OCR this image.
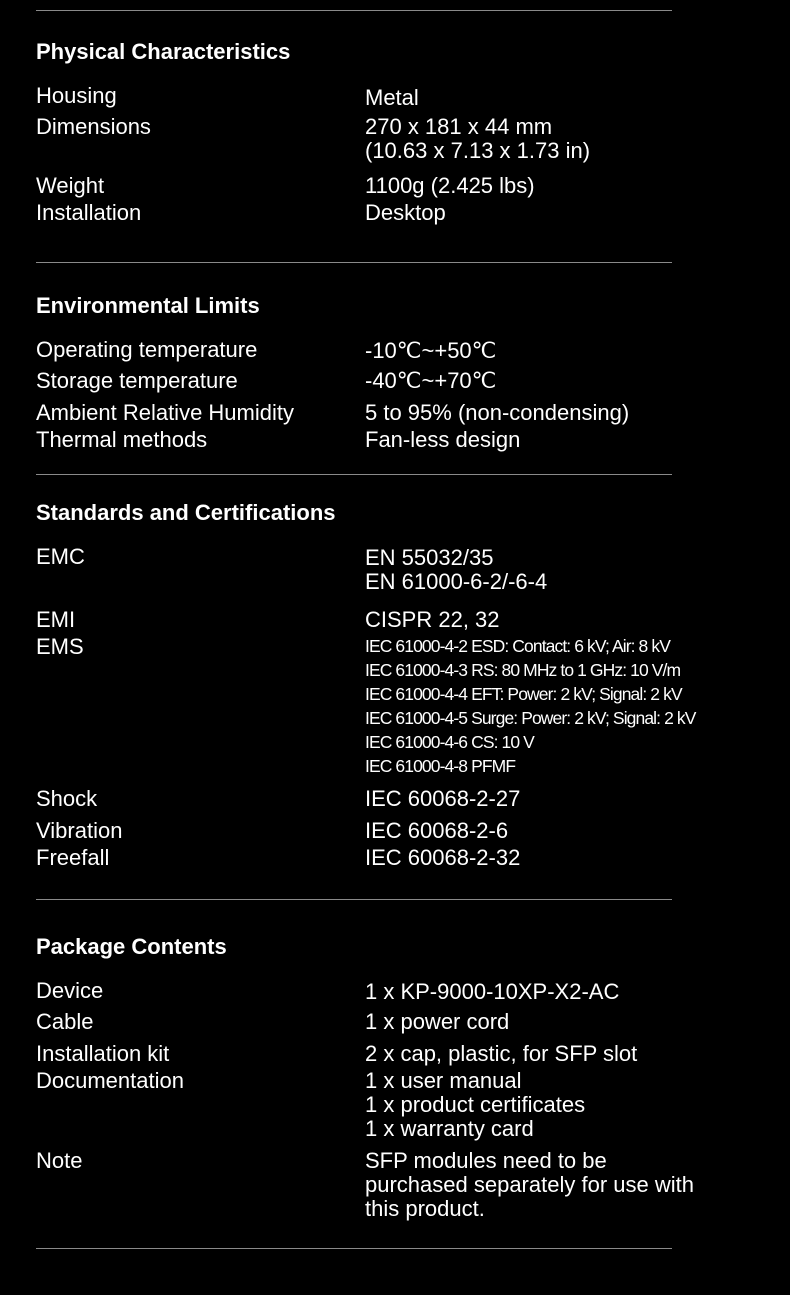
Physical Characteristics
Housing	Metal
Dimensions	270 x 181 x 44 mm
(10.63 x 7.13 x 1.73 in)
Weight	1100g (2.425 lbs)
Installation	Desktop
Environmental Limits
Operating temperature	-10℃~+50℃
Storage temperature	-40℃~+70℃
Ambient Relative Humidity	5 to 95% (non-condensing)
Thermal methods	Fan-less design
Standards and Certifications
EMC	EN 55032/35
EN 61000-6-2/-6-4
EMI	CISPR 22, 32
EMS	IEC 61000-4-2 ESD: Contact: 6 kV; Air: 8 kV
IEC 61000-4-3 RS: 80 MHz to 1 GHz: 10 V/m
IEC 61000-4-4 EFT: Power: 2 kV; Signal: 2 kV
IEC 61000-4-5 Surge: Power: 2 kV; Signal: 2 kV
IEC 61000-4-6 CS: 10 V
IEC 61000-4-8 PFMF
Shock	IEC 60068-2-27
Vibration	IEC 60068-2-6
Freefall	IEC 60068-2-32
Package Contents
Device	1 x KP-9000-10XP-X2-AC
Cable	1 x power cord
Installation kit	2 x cap, plastic, for SFP slot
Documentation	1 x user manual
1 x product certificates
1 x warranty card
Note	SFP modules need to be
purchased separately for use with
this product.
